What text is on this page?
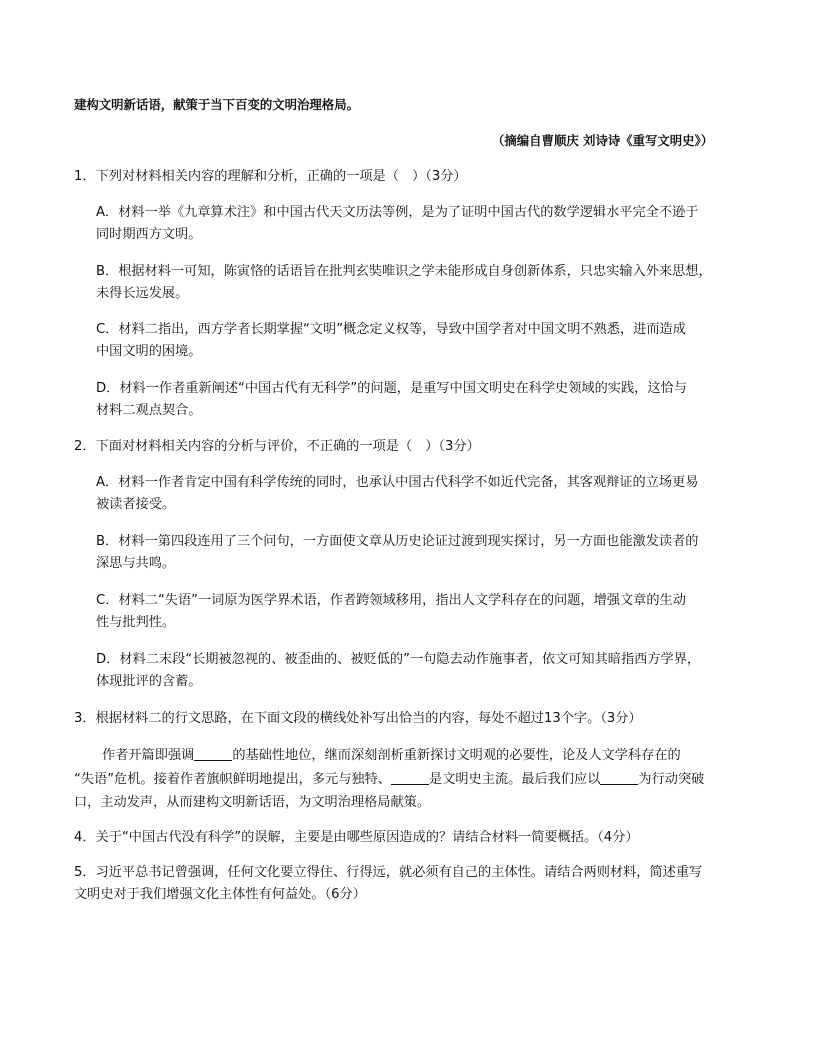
建构文明新话语，献策于当下百变的文明治理格局。
（摘编自曹顺庆 刘诗诗《重写文明史》）
1．下列对材料相关内容的理解和分析，正确的一项是（　）（3分）
A．材料一举《九章算术注》和中国古代天文历法等例，是为了证明中国古代的数学逻辑水平完全不逊于
同时期西方文明。
B．根据材料一可知，陈寅恪的话语旨在批判玄奘唯识之学未能形成自身创新体系，只忠实输入外来思想，
未得长远发展。
C．材料二指出，西方学者长期掌握“文明”概念定义权等，导致中国学者对中国文明不熟悉，进而造成
中国文明的困境。
D．材料一作者重新阐述“中国古代有无科学”的问题，是重写中国文明史在科学史领域的实践，这恰与
材料二观点契合。
2．下面对材料相关内容的分析与评价，不正确的一项是（　）（3分）
A．材料一作者肯定中国有科学传统的同时，也承认中国古代科学不如近代完备，其客观辩证的立场更易
被读者接受。
B．材料一第四段连用了三个问句，一方面使文章从历史论证过渡到现实探讨，另一方面也能激发读者的
深思与共鸣。
C．材料二“失语”一词原为医学界术语，作者跨领域移用，指出人文学科存在的问题，增强文章的生动
性与批判性。
D．材料二末段“长期被忽视的、被歪曲的、被贬低的”一句隐去动作施事者，依文可知其暗指西方学界，
体现批评的含蓄。
3．根据材料二的行文思路，在下面文段的横线处补写出恰当的内容，每处不超过13个字。（3分）
作者开篇即强调	的基础性地位，继而深刻剖析重新探讨文明观的必要性，论及人文学科存在的
“失语”危机。接着作者旗帜鲜明地提出，多元与独特、	是文明史主流。最后我们应以	为行动突破
口，主动发声，从而建构文明新话语，为文明治理格局献策。
4．关于“中国古代没有科学”的误解，主要是由哪些原因造成的？请结合材料一简要概括。（4分）
5．习近平总书记曾强调，任何文化要立得住、行得远，就必须有自己的主体性。请结合两则材料，简述重写
文明史对于我们增强文化主体性有何益处。（6分）
